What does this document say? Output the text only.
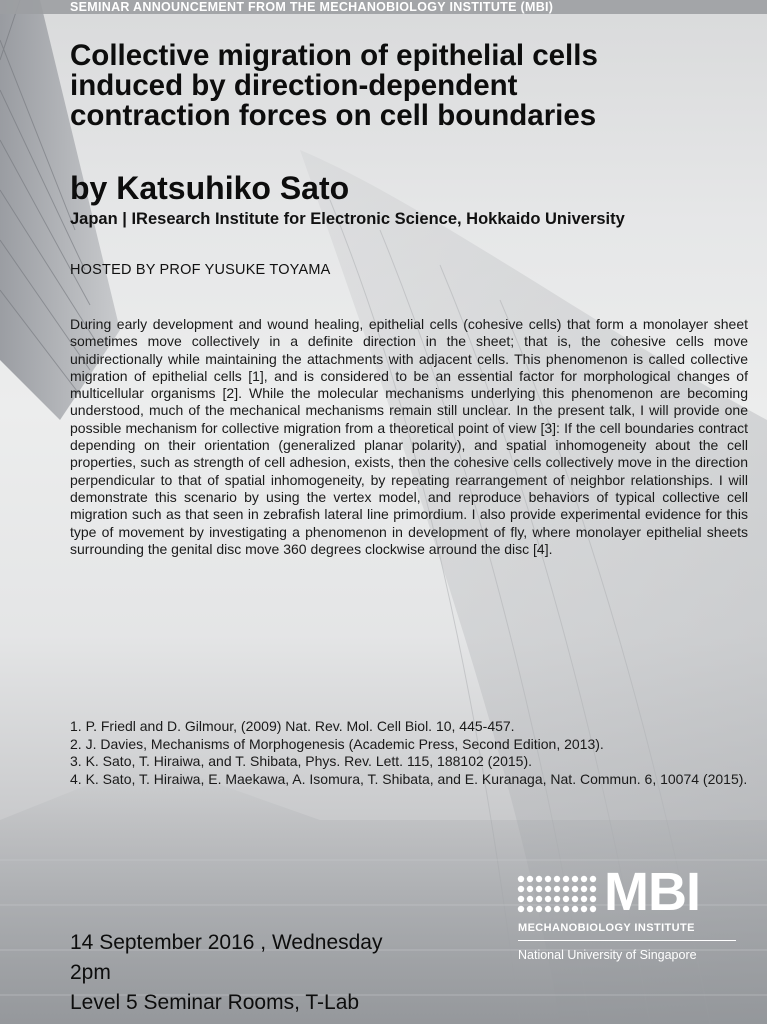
SEMINAR ANNOUNCEMENT FROM THE MECHANOBIOLOGY INSTITUTE (MBI)
Collective migration of epithelial cells
induced by direction-dependent
contraction forces on cell boundaries
by Katsuhiko Sato

Japan | IResearch Institute for Electronic Science, Hokkaido University

HOSTED BY PROF YUSUKE TOYAMA

During early development and wound healing, epithelial cells (cohesive cells) that form a monolayer sheet sometimes move collectively in a definite direction in the sheet; that is, the cohesive cells move unidirectionally while maintaining the attachments with adjacent cells. This phenomenon is called collective migration of epithelial cells [1], and is considered to be an essential factor for morphological changes of multicellular organisms [2]. While the molecular mechanisms underlying this phenomenon are becoming understood, much of the mechanical mechanisms remain still unclear. In the present talk, I will provide one possible mechanism for collective migration from a theoretical point of view [3]: If the cell boundaries contract depending on their orientation (generalized planar polarity), and spatial inhomogeneity about the cell properties, such as strength of cell adhesion, exists, then the cohesive cells collectively move in the direction perpendicular to that of spatial inhomogeneity, by repeating rearrangement of neighbor relationships. I will demonstrate this scenario by using the vertex model, and reproduce behaviors of typical collective cell migration such as that seen in zebrafish lateral line primordium. I also provide experimental evidence for this type of movement by investigating a phenomenon in development of fly, where monolayer epithelial sheets surrounding the genital disc move 360 degrees clockwise arround the disc [4].

1. P. Friedl and D. Gilmour, (2009) Nat. Rev. Mol. Cell Biol. 10, 445-457.
2. J. Davies, Mechanisms of Morphogenesis (Academic Press, Second Edition, 2013).
3. K. Sato, T. Hiraiwa, and T. Shibata, Phys. Rev. Lett. 115, 188102 (2015).
4. K. Sato, T. Hiraiwa, E. Maekawa, A. Isomura, T. Shibata, and E. Kuranaga, Nat. Commun. 6, 10074 (2015).
MBI
MECHANOBIOLOGY INSTITUTE
National University of Singapore
14 September 2016 , Wednesday
2pm
Level 5 Seminar Rooms, T-Lab
